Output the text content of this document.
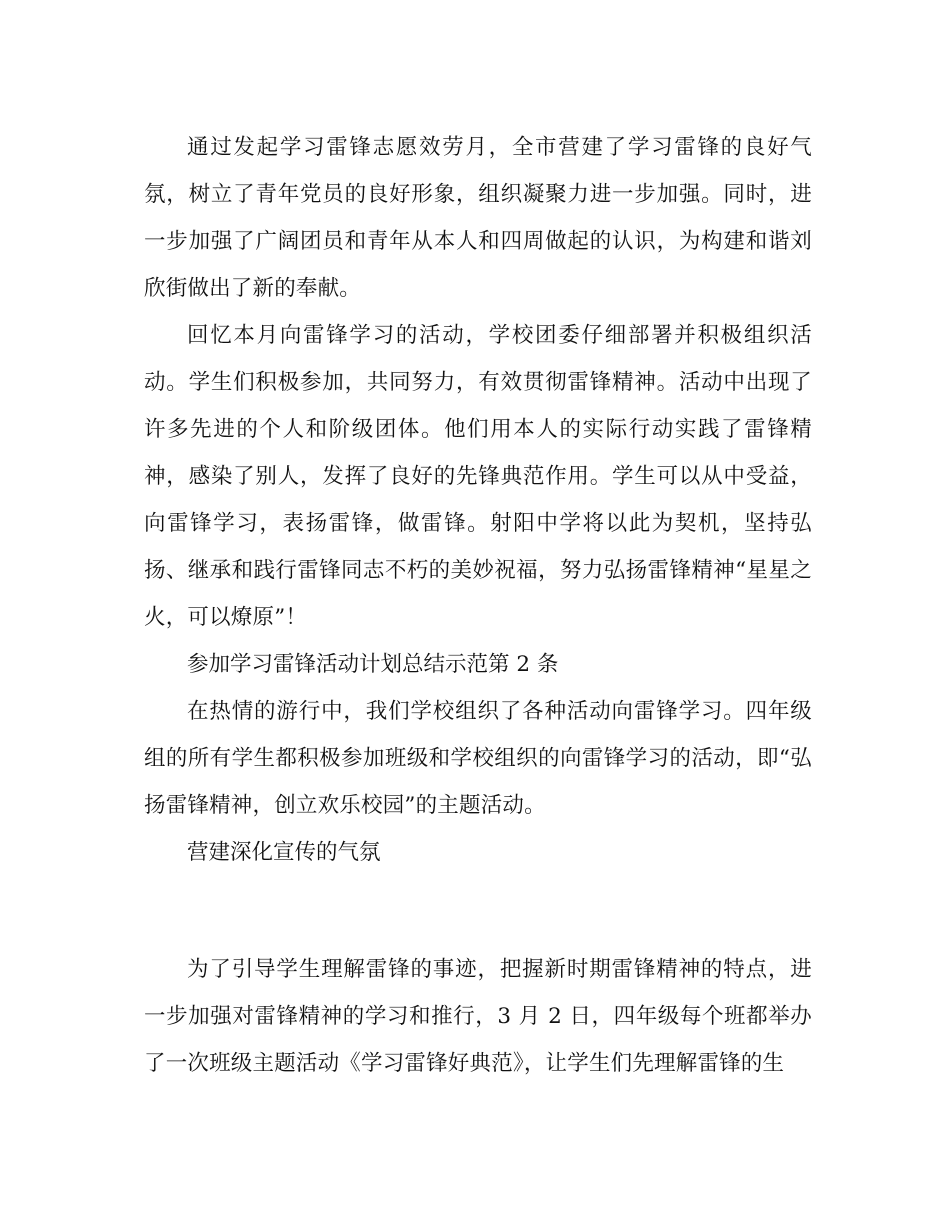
通过发起学习雷锋志愿效劳月，全市营建了学习雷锋的良好气氛，树立了青年党员的良好形象，组织凝聚力进一步加强。同时，进一步加强了广阔团员和青年从本人和四周做起的认识，为构建和谐刘欣街做出了新的奉献。

回忆本月向雷锋学习的活动，学校团委仔细部署并积极组织活动。学生们积极参加，共同努力，有效贯彻雷锋精神。活动中出现了许多先进的个人和阶级团体。他们用本人的实际行动实践了雷锋精神，感染了别人，发挥了良好的先锋典范作用。学生可以从中受益，向雷锋学习，表扬雷锋，做雷锋。射阳中学将以此为契机，坚持弘扬、继承和践行雷锋同志不朽的美妙祝福，努力弘扬雷锋精神“星星之火，可以燎原”！

参加学习雷锋活动计划总结示范第 2 条

在热情的游行中，我们学校组织了各种活动向雷锋学习。四年级组的所有学生都积极参加班级和学校组织的向雷锋学习的活动，即“弘扬雷锋精神，创立欢乐校园”的主题活动。

营建深化宣传的气氛

为了引导学生理解雷锋的事迹，把握新时期雷锋精神的特点，进一步加强对雷锋精神的学习和推行，3 月 2 日，四年级每个班都举办了一次班级主题活动《学习雷锋好典范》，让学生们先理解雷锋的生
